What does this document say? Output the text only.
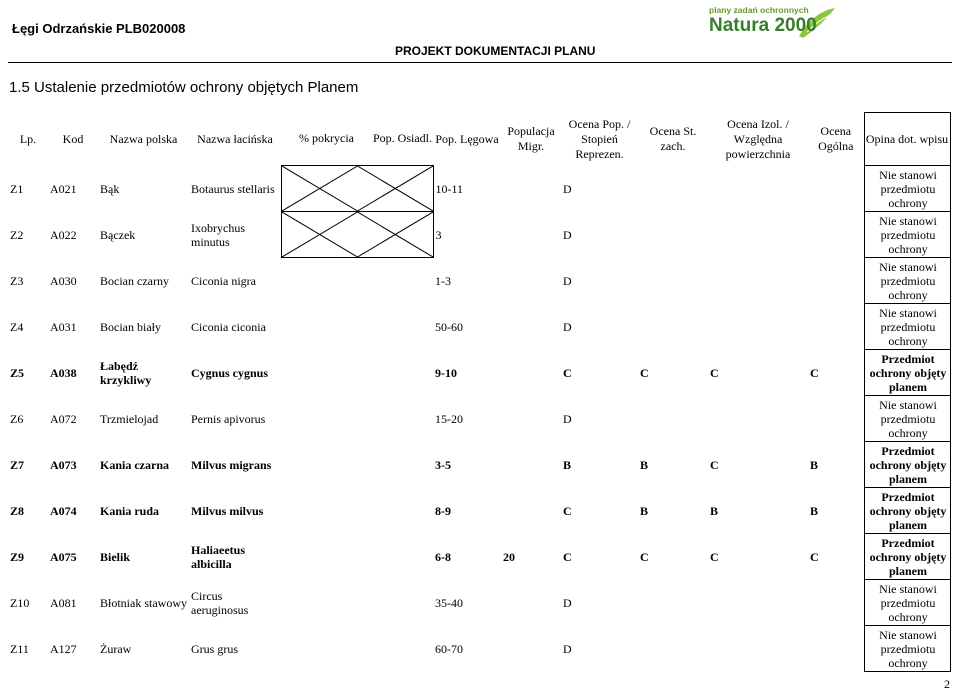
Łęgi Odrzańskie PLB020008
PROJEKT DOKUMENTACJI PLANU
plany zadań ochronnych
Natura 2000
1.5 Ustalenie przedmiotów ochrony objętych Planem
Lp.	Kod	Nazwa polska	Nazwa łacińska	% pokrycia	Pop. Osiadl.	Pop. Lęgowa	Populacja Migr.	Ocena Pop. / Stopień Reprezen.	Ocena St. zach.	Ocena Izol. / Względna powierzchnia	Ocena Ogólna	Opina dot. wpisu
Z1	A021	Bąk	Botaurus stellaris			10-11		D				Nie stanowi przedmiotu ochrony
Z2	A022	Bączek	Ixobrychus minutus			3		D				Nie stanowi przedmiotu ochrony
Z3	A030	Bocian czarny	Ciconia nigra			1-3		D				Nie stanowi przedmiotu ochrony
Z4	A031	Bocian biały	Ciconia ciconia			50-60		D				Nie stanowi przedmiotu ochrony
Z5	A038	Łabędź krzykliwy	Cygnus cygnus			9-10		C	C	C	C	Przedmiot ochrony objęty planem
Z6	A072	Trzmielojad	Pernis apivorus			15-20		D				Nie stanowi przedmiotu ochrony
Z7	A073	Kania czarna	Milvus migrans			3-5		B	B	C	B	Przedmiot ochrony objęty planem
Z8	A074	Kania ruda	Milvus milvus			8-9		C	B	B	B	Przedmiot ochrony objęty planem
Z9	A075	Bielik	Haliaeetus albicilla			6-8	20	C	C	C	C	Przedmiot ochrony objęty planem
Z10	A081	Błotniak stawowy	Circus aeruginosus			35-40		D				Nie stanowi przedmiotu ochrony
Z11	A127	Żuraw	Grus grus			60-70		D				Nie stanowi przedmiotu ochrony
2
